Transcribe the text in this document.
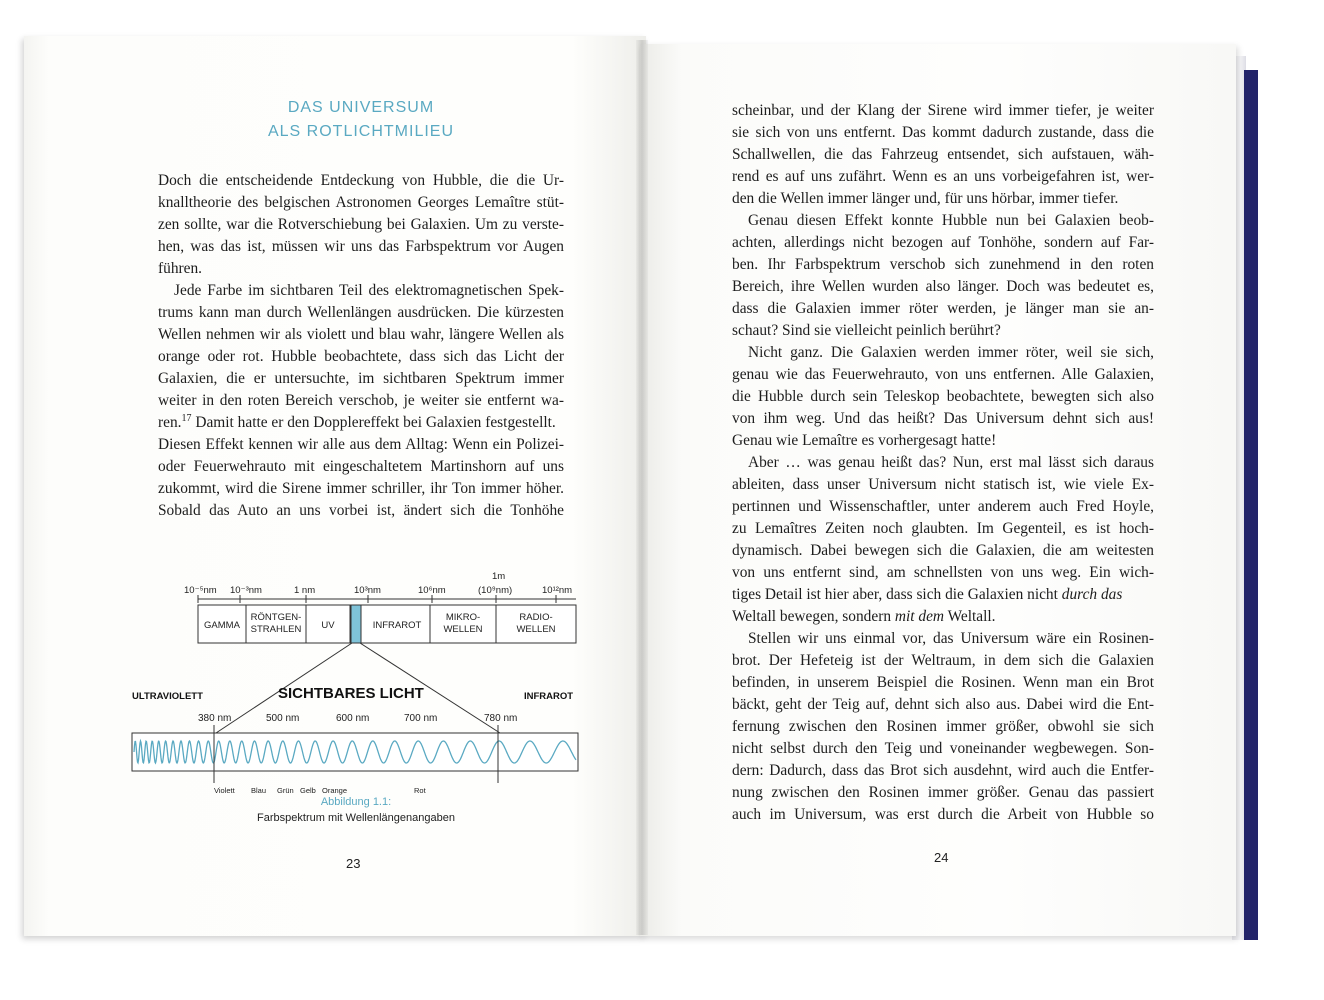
DAS UNIVERSUM
ALS ROTLICHTMILIEU
Doch die entscheidende Entdeckung von Hubble, die die Ur-
knalltheorie des belgischen Astronomen Georges Lemaître stüt-
zen sollte, war die Rotverschiebung bei Galaxien. Um zu verste-
hen, was das ist, müssen wir uns das Farbspektrum vor Augen
führen.
Jede Farbe im sichtbaren Teil des elektromagnetischen Spek-
trums kann man durch Wellenlängen ausdrücken. Die kürzesten
Wellen nehmen wir als violett und blau wahr, längere Wellen als
orange oder rot. Hubble beobachtete, dass sich das Licht der
Galaxien, die er untersuchte, im sichtbaren Spektrum immer
weiter in den roten Bereich verschob, je weiter sie entfernt wa-
ren.$^{17}$ Damit hatte er den Dopplereffekt bei Galaxien festgestellt.
Diesen Effekt kennen wir alle aus dem Alltag: Wenn ein Polizei-
oder Feuerwehrauto mit eingeschaltetem Martinshorn auf uns
zukommt, wird die Sirene immer schriller, ihr Ton immer höher.
Sobald das Auto an uns vorbei ist, ändert sich die Tonhöhe
10⁻⁵nm 10⁻³nm	1 nm	10³nm	10⁶nm
1m
(10⁹nm)	10¹²nm
GAMMA
RÖNTGEN-
STRAHLEN UV	INFRAROT
MIKRO-
WELLEN
RADIO-
WELLEN
ULTRAVIOLETT	SICHTBARES LICHT	INFRAROT
380 nm	500 nm	600 nm	700 nm	780 nm
Violett Blau Grün Gelb Orange	Rot
Abbildung 1.1:
Farbspektrum mit Wellenlängenangaben
23
scheinbar, und der Klang der Sirene wird immer tiefer, je weiter
sie sich von uns entfernt. Das kommt dadurch zustande, dass die
Schallwellen, die das Fahrzeug entsendet, sich aufstauen, wäh-
rend es auf uns zufährt. Wenn es an uns vorbeigefahren ist, wer-
den die Wellen immer länger und, für uns hörbar, immer tiefer.
Genau diesen Effekt konnte Hubble nun bei Galaxien beob-
achten, allerdings nicht bezogen auf Tonhöhe, sondern auf Far-
ben. Ihr Farbspektrum verschob sich zunehmend in den roten
Bereich, ihre Wellen wurden also länger. Doch was bedeutet es,
dass die Galaxien immer röter werden, je länger man sie an-
schaut? Sind sie vielleicht peinlich berührt?
Nicht ganz. Die Galaxien werden immer röter, weil sie sich,
genau wie das Feuerwehrauto, von uns entfernen. Alle Galaxien,
die Hubble durch sein Teleskop beobachtete, bewegten sich also
von ihm weg. Und das heißt? Das Universum dehnt sich aus!
Genau wie Lemaître es vorhergesagt hatte!
Aber … was genau heißt das? Nun, erst mal lässt sich daraus
ableiten, dass unser Universum nicht statisch ist, wie viele Ex-
pertinnen und Wissenschaftler, unter anderem auch Fred Hoyle,
zu Lemaîtres Zeiten noch glaubten. Im Gegenteil, es ist hoch-
dynamisch. Dabei bewegen sich die Galaxien, die am weitesten
von uns entfernt sind, am schnellsten von uns weg. Ein wich-
tiges Detail ist hier aber, dass sich die Galaxien nicht durch das
Weltall bewegen, sondern mit dem Weltall.
Stellen wir uns einmal vor, das Universum wäre ein Rosinen-
brot. Der Hefeteig ist der Weltraum, in dem sich die Galaxien
befinden, in unserem Beispiel die Rosinen. Wenn man ein Brot
bäckt, geht der Teig auf, dehnt sich also aus. Dabei wird die Ent-
fernung zwischen den Rosinen immer größer, obwohl sie sich
nicht selbst durch den Teig und voneinander wegbewegen. Son-
dern: Dadurch, dass das Brot sich ausdehnt, wird auch die Entfer-
nung zwischen den Rosinen immer größer. Genau das passiert
auch im Universum, was erst durch die Arbeit von Hubble so
24
